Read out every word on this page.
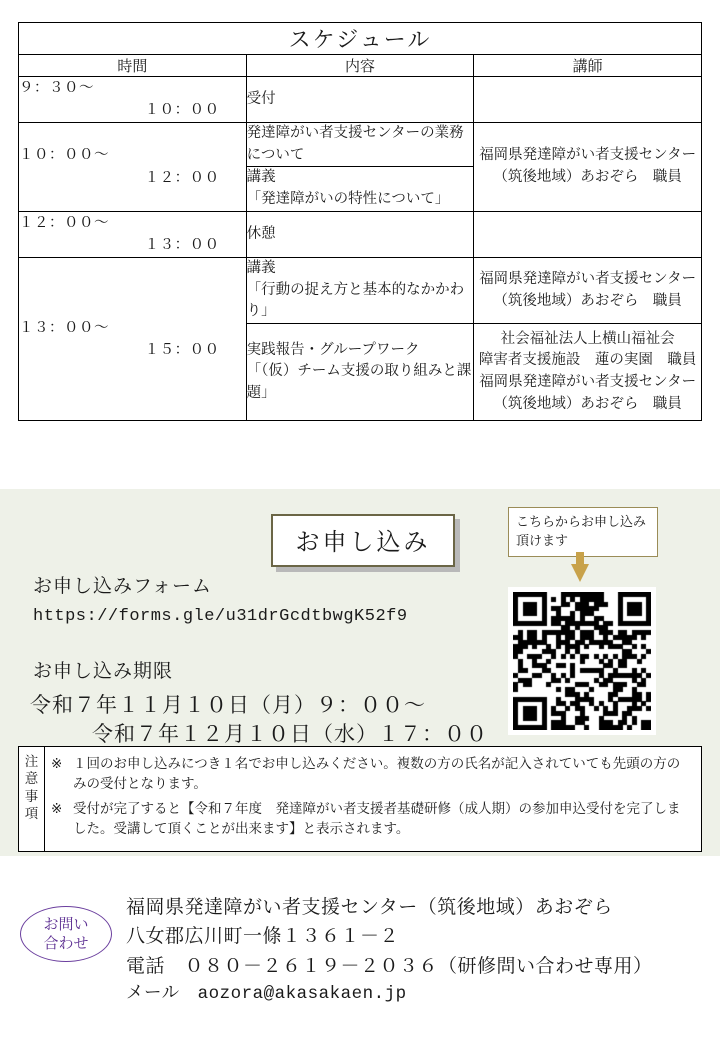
スケジュール		
時間	内容	講師
９：３０～
１０：００	受付	
１０：００～
１２：００	発達障がい者支援センターの業務について	福岡県発達障がい者支援センター
（筑後地域）あおぞら　職員

	講義
「発達障がいの特性について」	

１２：００～
１３：００	休憩	
１３：００～
１５：００	講義
「行動の捉え方と基本的なかかわり」	福岡県発達障がい者支援センター
（筑後地域）あおぞら　職員

	実践報告・グループワーク
「（仮）チーム支援の取り組みと課題」	社会福祉法人上横山福祉会
障害者支援施設　蓮の実園　職員
福岡県発達障がい者支援センター
（筑後地域）あおぞら　職員
お申し込み
こちらからお申し込み頂けます
お申し込みフォーム
https://forms.gle/u31drGcdtbwgK52f9
お申し込み期限
令和７年１１月１０日（月）９：００～
令和７年１２月１０日（水）１７：００
注
意
事
項
※ １回のお申し込みにつき１名でお申し込みください。複数の方の氏名が記入されていても先頭の方のみの受付となります。
※ 受付が完了すると【令和７年度　発達障がい者支援者基礎研修（成人期）の参加申込受付を完了しました。受講して頂くことが出来ます】と表示されます。
お問い
合わせ
福岡県発達障がい者支援センター（筑後地域）あおぞら
八女郡広川町一條１３６１－２
電話　０８０－２６１９－２０３６（研修問い合わせ専用）
メール　aozora@akasakaen.jp
